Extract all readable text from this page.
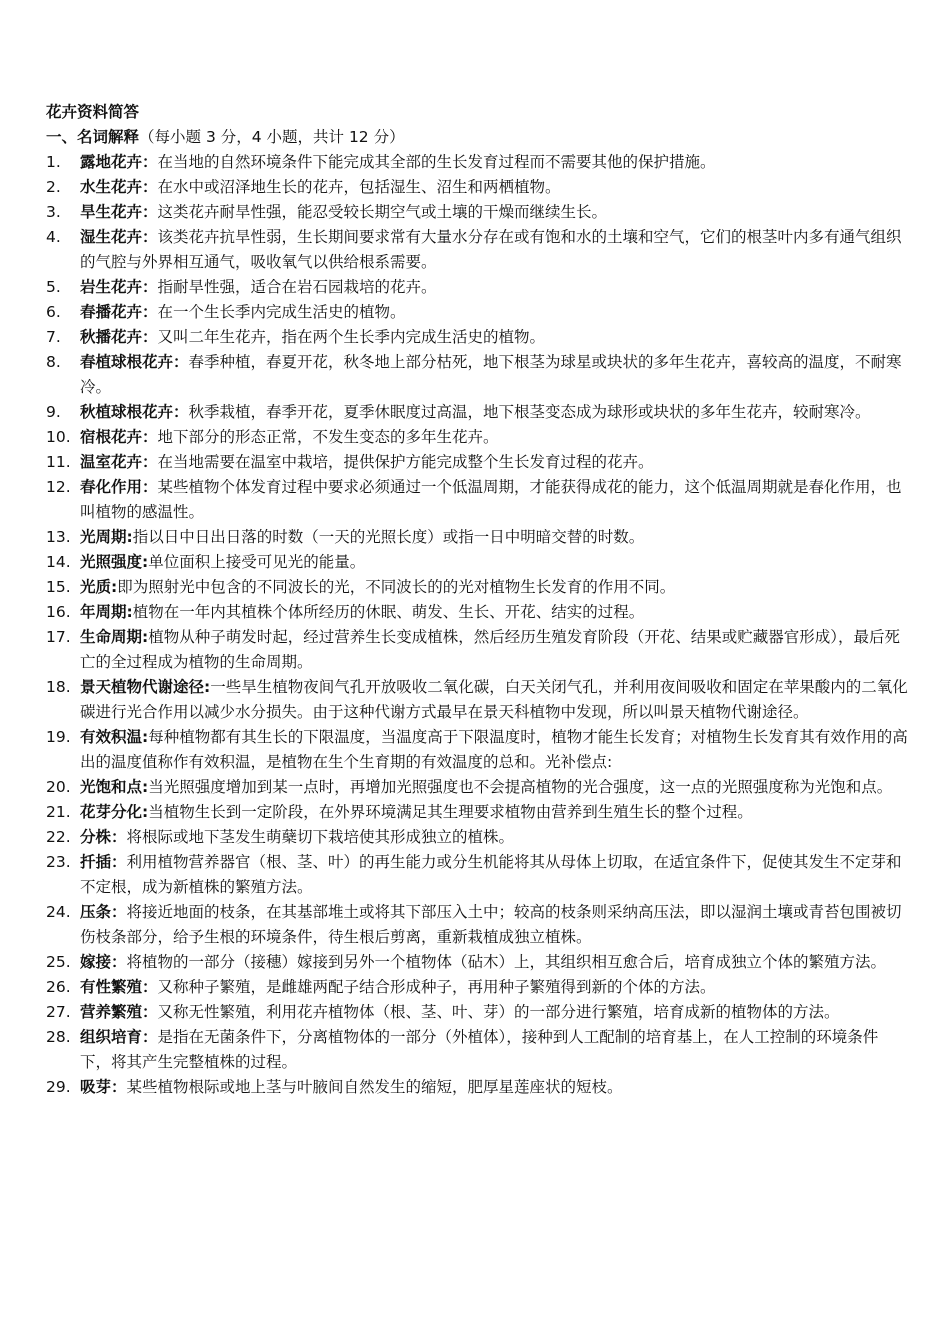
花卉资料简答
一、名词解释（每小题 3 分，4 小题，共计 12 分）
1.	露地花卉：在当地的自然环境条件下能完成其全部的生长发育过程而不需要其他的保护措施。
2.	水生花卉：在水中或沼泽地生长的花卉，包括湿生、沼生和两栖植物。
3.	旱生花卉：这类花卉耐旱性强，能忍受较长期空气或土壤的干燥而继续生长。
4.	湿生花卉：该类花卉抗旱性弱，生长期间要求常有大量水分存在或有饱和水的土壤和空气，它们的根茎叶内多有通气组织的气腔与外界相互通气，吸收氧气以供给根系需要。
5.	岩生花卉：指耐旱性强，适合在岩石园栽培的花卉。
6.	春播花卉：在一个生长季内完成生活史的植物。
7.	秋播花卉：又叫二年生花卉，指在两个生长季内完成生活史的植物。
8.	春植球根花卉：春季种植，春夏开花，秋冬地上部分枯死，地下根茎为球星或块状的多年生花卉，喜较高的温度，不耐寒冷。
9.	秋植球根花卉：秋季栽植，春季开花，夏季休眠度过高温，地下根茎变态成为球形或块状的多年生花卉，较耐寒冷。
10. 宿根花卉：地下部分的形态正常，不发生变态的多年生花卉。
11. 温室花卉：在当地需要在温室中栽培，提供保护方能完成整个生长发育过程的花卉。
12. 春化作用：某些植物个体发育过程中要求必须通过一个低温周期，才能获得成花的能力，这个低温周期就是春化作用，也叫植物的感温性。
13. 光周期:指以日中日出日落的时数（一天的光照长度）或指一日中明暗交替的时数。
14. 光照强度:单位面积上接受可见光的能量。
15. 光质:即为照射光中包含的不同波长的光，不同波长的的光对植物生长发育的作用不同。
16. 年周期:植物在一年内其植株个体所经历的休眠、萌发、生长、开花、结实的过程。
17. 生命周期:植物从种子萌发时起，经过营养生长变成植株，然后经历生殖发育阶段（开花、结果或贮藏器官形成），最后死亡的全过程成为植物的生命周期。
18. 景天植物代谢途径:一些旱生植物夜间气孔开放吸收二氧化碳，白天关闭气孔，并利用夜间吸收和固定在苹果酸内的二氧化碳进行光合作用以减少水分损失。由于这种代谢方式最早在景天科植物中发现，所以叫景天植物代谢途径。
19. 有效积温:每种植物都有其生长的下限温度，当温度高于下限温度时，植物才能生长发育；对植物生长发育其有效作用的高出的温度值称作有效积温，是植物在生个生育期的有效温度的总和。光补偿点:
20. 光饱和点:当光照强度增加到某一点时，再增加光照强度也不会提高植物的光合强度，这一点的光照强度称为光饱和点。
21. 花芽分化:当植物生长到一定阶段，在外界环境满足其生理要求植物由营养到生殖生长的整个过程。
22. 分株：将根际或地下茎发生萌蘖切下栽培使其形成独立的植株。
23. 扦插：利用植物营养器官（根、茎、叶）的再生能力或分生机能将其从母体上切取，在适宜条件下，促使其发生不定芽和不定根，成为新植株的繁殖方法。
24. 压条：将接近地面的枝条，在其基部堆土或将其下部压入土中；较高的枝条则采纳高压法，即以湿润土壤或青苔包围被切伤枝条部分，给予生根的环境条件，待生根后剪离，重新栽植成独立植株。
25. 嫁接：将植物的一部分（接穗）嫁接到另外一个植物体（砧木）上，其组织相互愈合后，培育成独立个体的繁殖方法。
26. 有性繁殖：又称种子繁殖，是雌雄两配子结合形成种子，再用种子繁殖得到新的个体的方法。
27. 营养繁殖：又称无性繁殖，利用花卉植物体（根、茎、叶、芽）的一部分进行繁殖，培育成新的植物体的方法。
28. 组织培育：是指在无菌条件下，分离植物体的一部分（外植体），接种到人工配制的培育基上，在人工控制的环境条件下，将其产生完整植株的过程。
29. 吸芽：某些植物根际或地上茎与叶腋间自然发生的缩短，肥厚星莲座状的短枝。
